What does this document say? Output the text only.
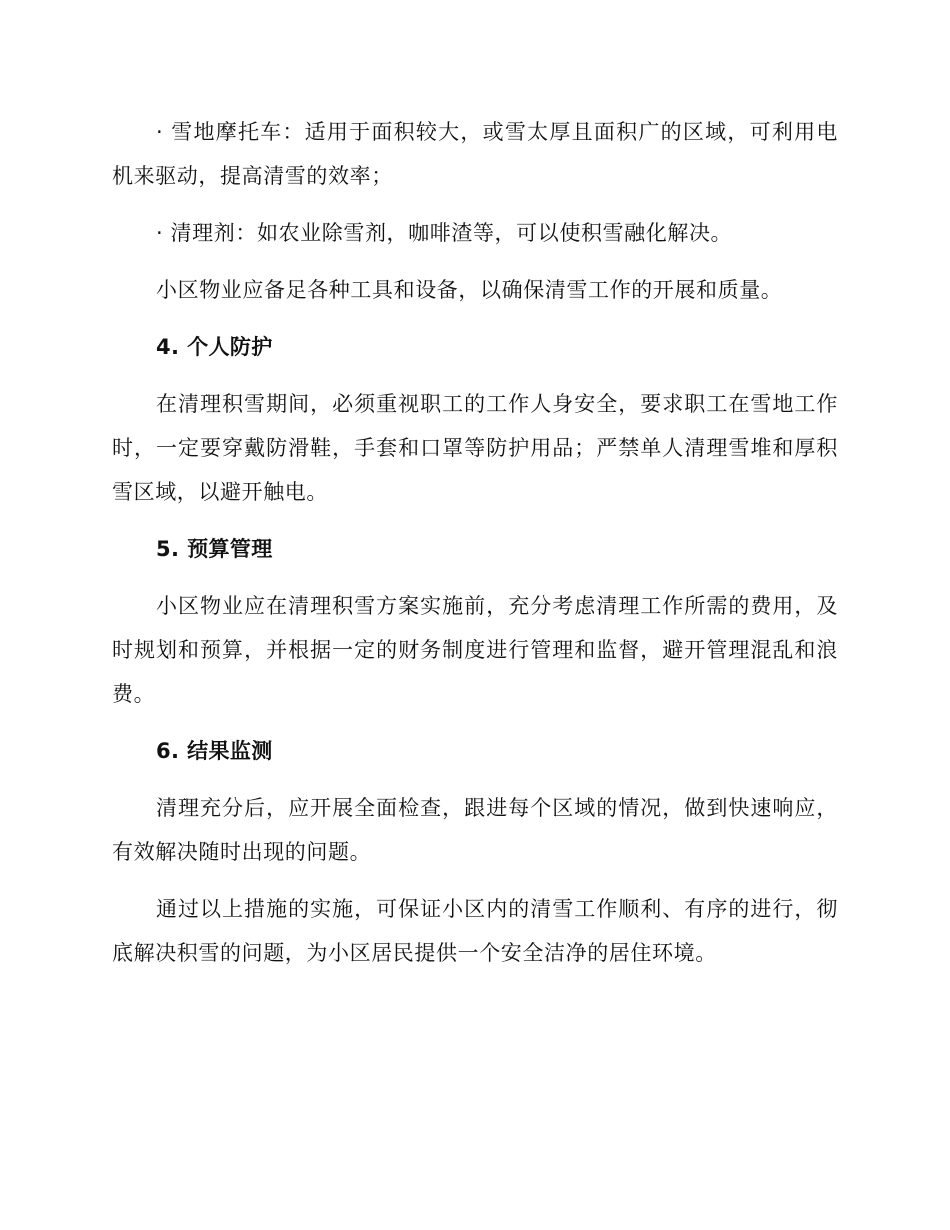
· 雪地摩托车：适用于面积较大，或雪太厚且面积广的区域，可利用电机来驱动，提高清雪的效率；

· 清理剂：如农业除雪剂，咖啡渣等，可以使积雪融化解决。

小区物业应备足各种工具和设备，以确保清雪工作的开展和质量。

4. 个人防护

在清理积雪期间，必须重视职工的工作人身安全，要求职工在雪地工作时，一定要穿戴防滑鞋，手套和口罩等防护用品；严禁单人清理雪堆和厚积雪区域，以避开触电。

5. 预算管理

小区物业应在清理积雪方案实施前，充分考虑清理工作所需的费用，及时规划和预算，并根据一定的财务制度进行管理和监督，避开管理混乱和浪费。

6. 结果监测

清理充分后，应开展全面检查，跟进每个区域的情况，做到快速响应，有效解决随时出现的问题。

通过以上措施的实施，可保证小区内的清雪工作顺利、有序的进行，彻底解决积雪的问题，为小区居民提供一个安全洁净的居住环境。
